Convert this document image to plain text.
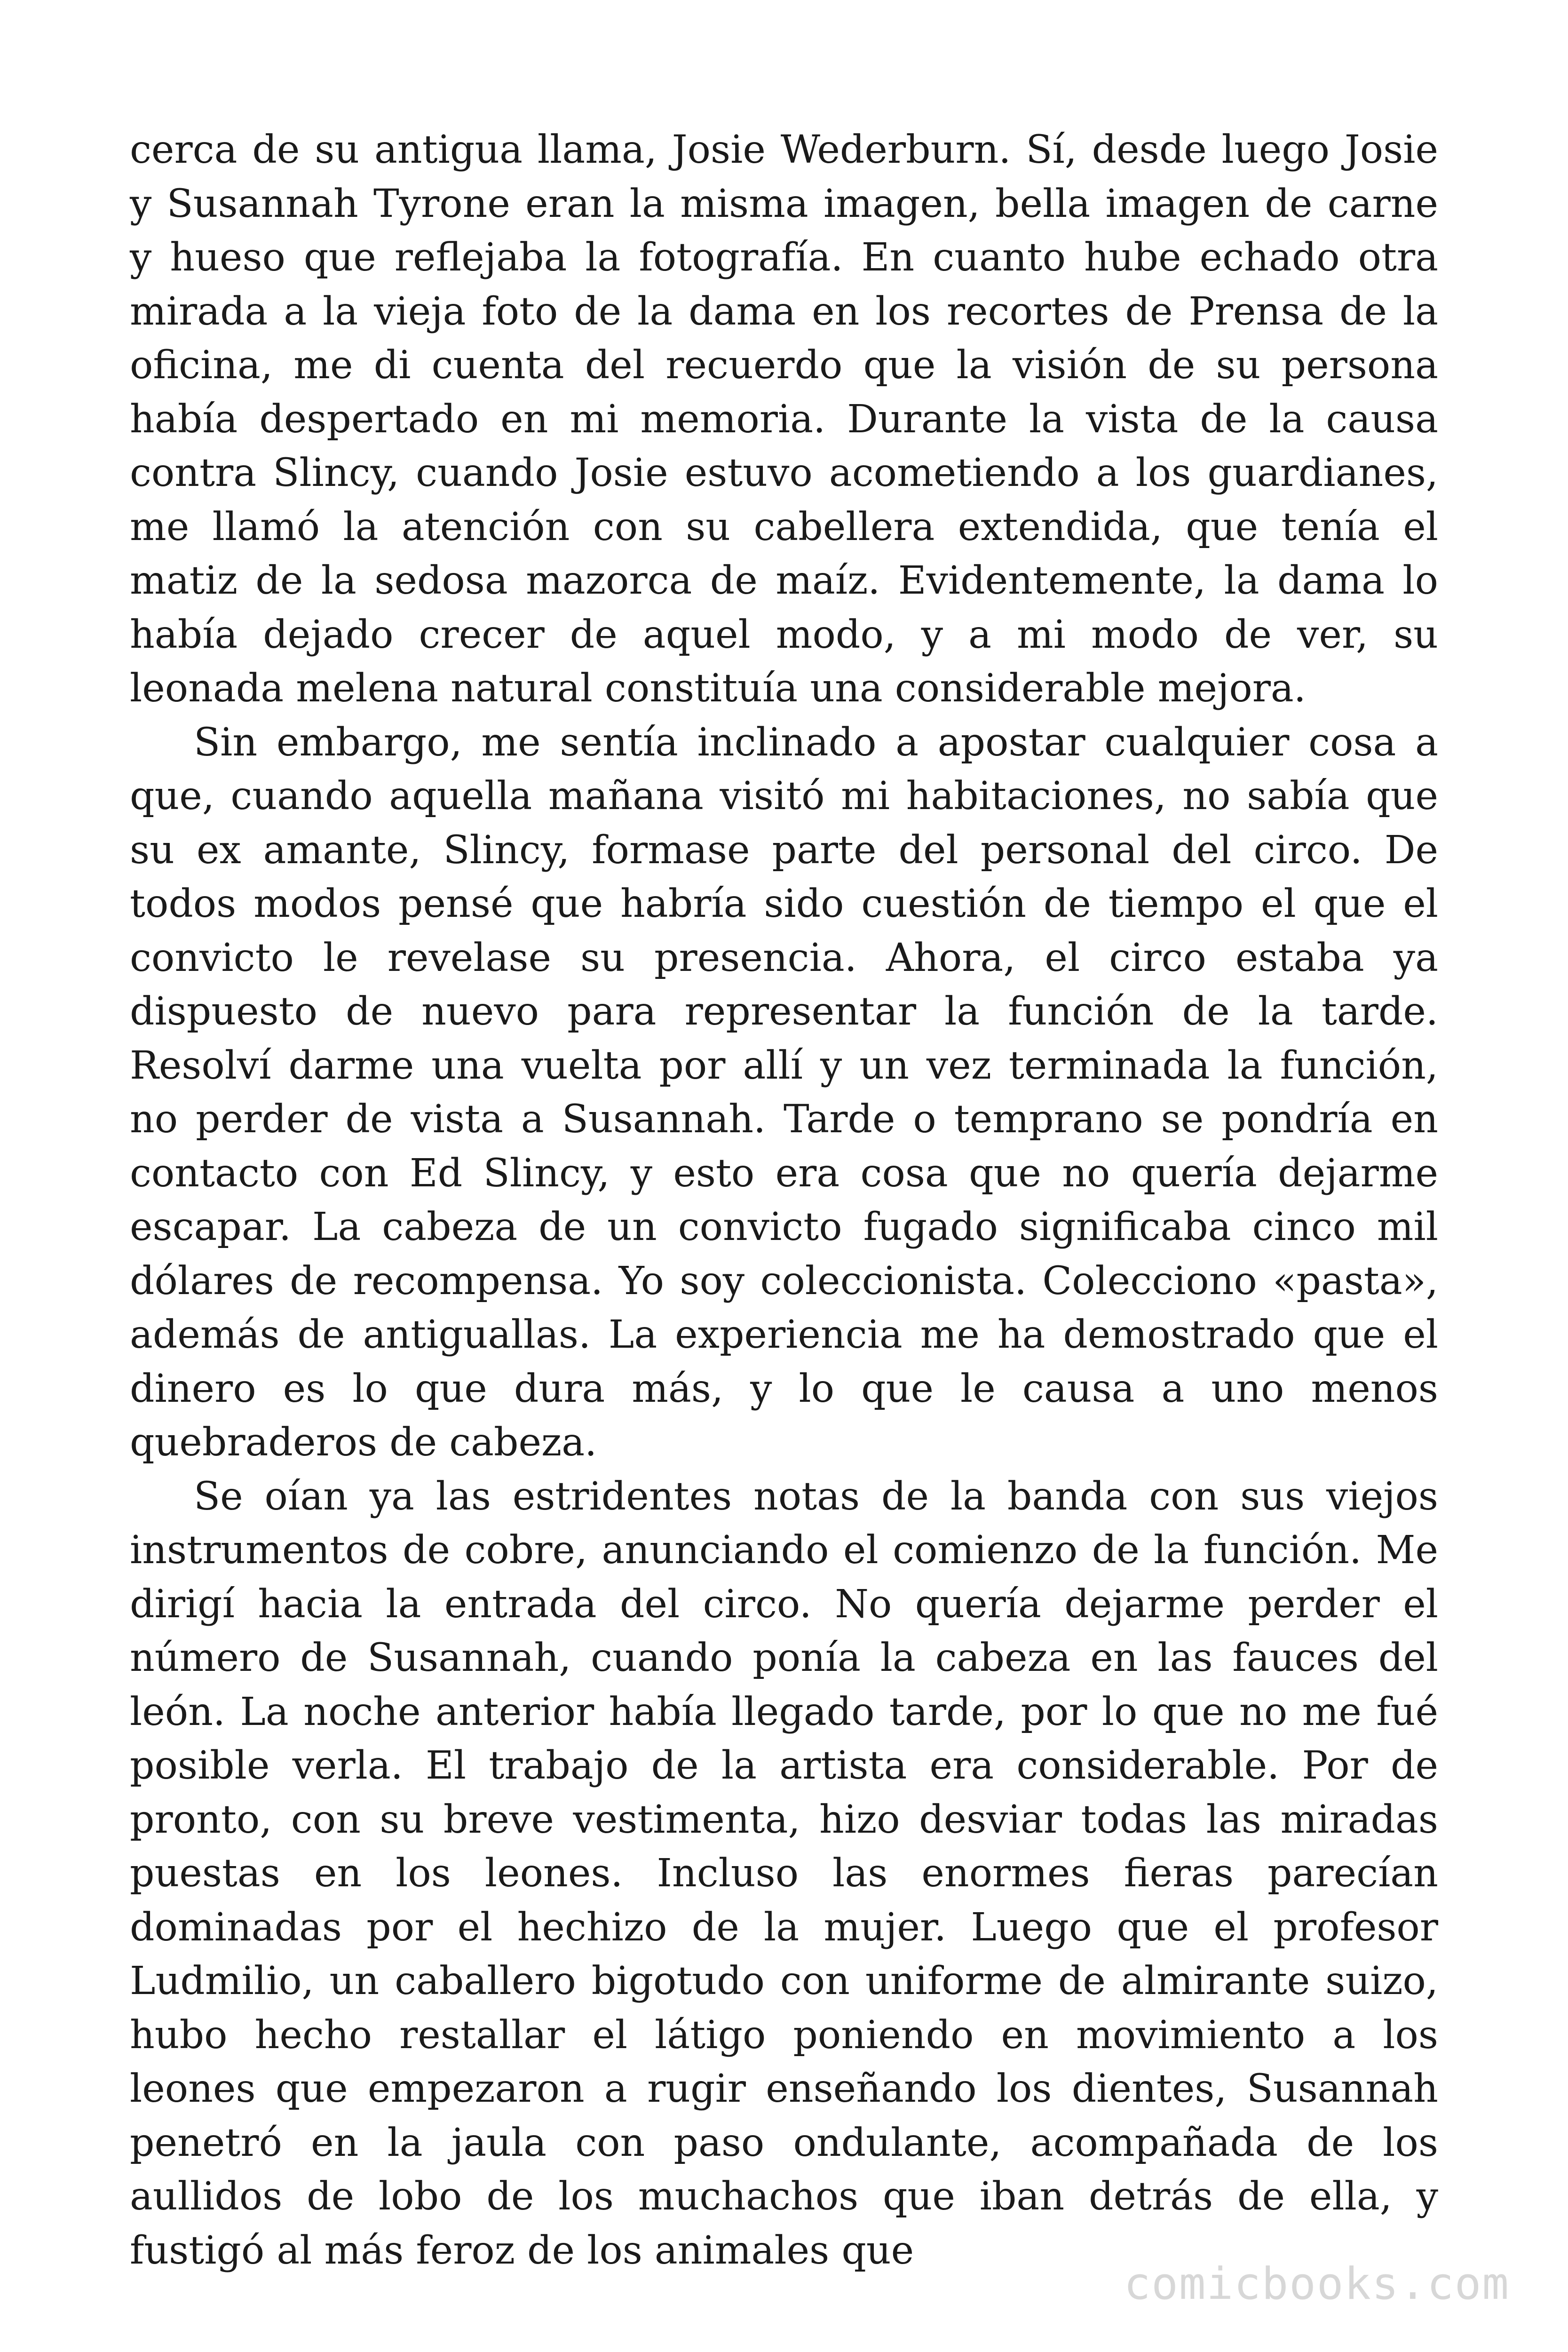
cerca de su antigua llama, Josie Wederburn. Sí, desde luego Josie y Susannah Tyrone eran la misma imagen, bella imagen de carne y hueso que reflejaba la fotografía. En cuanto hube echado otra mirada a la vieja foto de la dama en los recortes de Prensa de la oficina, me di cuenta del recuerdo que la visión de su persona había despertado en mi memoria. Durante la vista de la causa contra Slincy, cuando Josie estuvo acometiendo a los guardianes, me llamó la atención con su cabellera extendida, que tenía el matiz de la sedosa mazorca de maíz. Evidentemente, la dama lo había dejado crecer de aquel modo, y a mi modo de ver, su leonada melena natural constituía una considerable mejora.

Sin embargo, me sentía inclinado a apostar cualquier cosa a que, cuando aquella mañana visitó mi habitaciones, no sabía que su ex amante, Slincy, formase parte del personal del circo. De todos modos pensé que habría sido cuestión de tiempo el que el convicto le revelase su presencia. Ahora, el circo estaba ya dispuesto de nuevo para representar la función de la tarde. Resolví darme una vuelta por allí y un vez terminada la función, no perder de vista a Susannah. Tarde o temprano se pondría en contacto con Ed Slincy, y esto era cosa que no quería dejarme escapar. La cabeza de un convicto fugado significaba cinco mil dólares de recompensa. Yo soy coleccionista. Colecciono «pasta», además de antiguallas. La experiencia me ha demostrado que el dinero es lo que dura más, y lo que le causa a uno menos quebraderos de cabeza.

Se oían ya las estridentes notas de la banda con sus viejos instrumentos de cobre, anunciando el comienzo de la función. Me dirigí hacia la entrada del circo. No quería dejarme perder el número de Susannah, cuando ponía la cabeza en las fauces del león. La noche anterior había llegado tarde, por lo que no me fué posible verla. El trabajo de la artista era considerable. Por de pronto, con su breve vestimenta, hizo desviar todas las miradas puestas en los leones. Incluso las enormes fieras parecían dominadas por el hechizo de la mujer. Luego que el profesor Ludmilio, un caballero bigotudo con uniforme de almirante suizo, hubo hecho restallar el látigo poniendo en movimiento a los leones que empezaron a rugir enseñando los dientes, Susannah penetró en la jaula con paso ondulante, acompañada de los aullidos de lobo de los muchachos que iban detrás de ella, y fustigó al más feroz de los animales que

comicbooks.com
